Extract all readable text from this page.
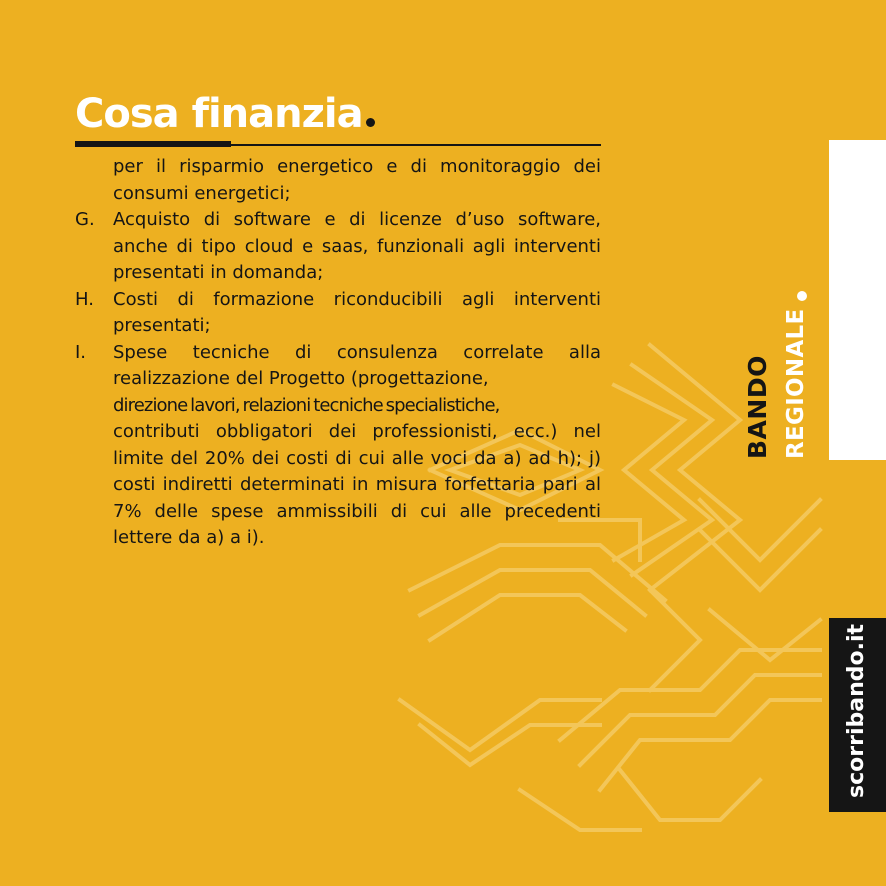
Cosa finanzia
per il risparmio energetico e di monitoraggio dei consumi energetici;
G.	Acquisto di software e di licenze d’uso software, anche di tipo cloud e saas, funzionali agli interventi presentati in domanda;
H.	Costi di formazione riconducibili agli interventi presentati;
I.	Spese tecniche di consulenza correlate alla realizzazione del Progetto (progettazione,
direzione lavori, relazioni tecniche specialistiche,
contributi obbligatori dei professionisti, ecc.) nel limite del 20% dei costi di cui alle voci da a) ad h); j) costi indiretti determinati in misura forfettaria pari al 7% delle spese ammissibili di cui alle precedenti lettere da a) a i).
BANDO REGIONALE
scorribando.it
